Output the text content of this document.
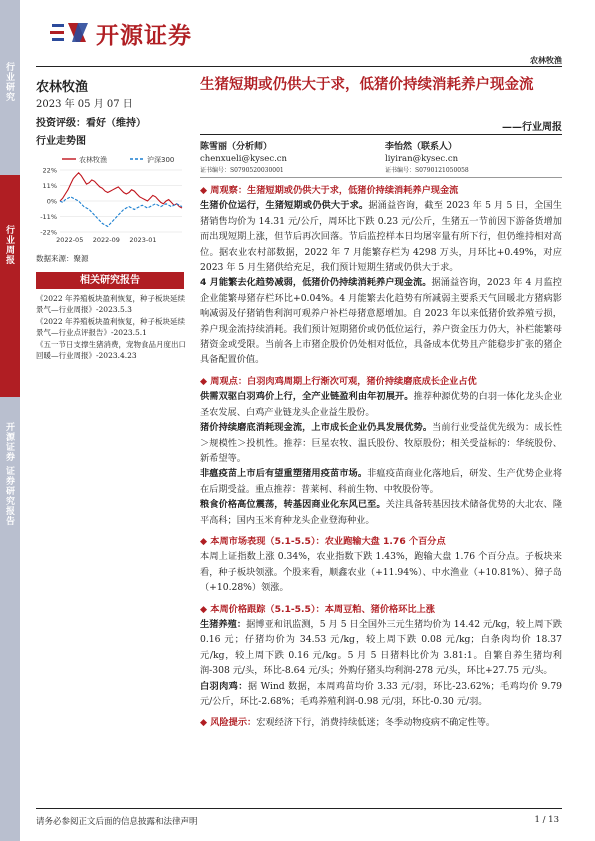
行业研究
行业周报
开源证券 证券研究报告
开源证券
农林牧渔
农林牧渔
2023 年 05 月 07 日
投资评级：看好（维持）
行业走势图
农林牧渔	沪深300
22%
11%
0%
-11%
-22%
2022-05 2022-09 2023-01
数据来源：聚源
相关研究报告
《2022 年养殖板块盈利恢复，种子板块延续景气—行业周报》-2023.5.3
《2022 年养殖板块盈利恢复，种子板块延续景气—行业点评报告》-2023.5.1
《五一节日支撑生猪消费，宠物食品月度出口回暖—行业周报》-2023.4.23
生猪短期或仍供大于求，低猪价持续消耗养户现金流
——行业周报
陈雪丽（分析师）
chenxueli@kysec.cn
证书编号：S0790520030001
李怡然（联系人）
liyiran@kysec.cn
证书编号：S0790121050058

◆ 周观察：生猪短期或仍供大于求，低猪价持续消耗养户现金流

生猪价位运行，生猪短期或仍供大于求。据涌益咨询，截至 2023 年 5 月 5 日，全国生猪销售均价为 14.31 元/公斤，周环比下跌 0.23 元/公斤，生猪五一节前因下游备货增加而出现短期上涨，但节后再次回落。节后监控样本日均屠宰量有所下行，但仍维持相对高位。据农业农村部数据，2022 年 7 月能繁存栏为 4298 万头，月环比+0.49%，对应 2023 年 5 月生猪供给充足，我们预计短期生猪或仍供大于求。

4 月能繁去化趋势减弱，低猪价仍持续消耗养户现金流。据涌益咨询，2023 年 4 月监控企业能繁母猪存栏环比+0.04%。4 月能繁去化趋势有所减弱主要系天气回暖北方猪病影响减弱及仔猪销售利润可观养户补栏母猪意愿增加。自 2023 年以来低猪价致养殖亏损，养户现金流持续消耗。我们预计短期猪价或仍低位运行，养户资金压力仍大，补栏能繁母猪资金或受限。当前各上市猪企股价仍处相对低位，具备成本优势且产能稳步扩张的猪企具备配置价值。

◆ 周观点：白羽肉鸡周期上行渐次可观，猪价持续磨底成长企业占优

供需双驱白羽鸡价上行，全产业链盈利由年初展开。推荐种源优势的白羽一体化龙头企业圣农发展、白鸡产业链龙头企业益生股份。

猪价持续磨底消耗现金流，上市成长企业仍具发展优势。当前行业受益优先级为：成长性＞规模性＞投机性。推荐：巨星农牧、温氏股份、牧原股份；相关受益标的：华统股份、新希望等。

非瘟疫苗上市后有望重塑猪用疫苗市场。非瘟疫苗商业化落地后，研发、生产优势企业将在后期受益。重点推荐：普莱柯、科前生物、中牧股份等。

粮食价格高位震荡，转基因商业化东风已至。关注具备转基因技术储备优势的大北农、隆平高科；国内玉米育种龙头企业登海种业。

◆ 本周市场表现（5.1-5.5）：农业跑输大盘 1.76 个百分点

本周上证指数上涨 0.34%，农业指数下跌 1.43%，跑输大盘 1.76 个百分点。子板块来看，种子板块领涨。个股来看，顺鑫农业（+11.94%）、中水渔业（+10.81%）、獐子岛（+10.28%）领涨。

◆ 本周价格跟踪（5.1-5.5）：本周豆粕、猪价格环比上涨

生猪养殖：据博亚和讯监测，5 月 5 日全国外三元生猪均价为 14.42 元/kg，较上周下跌 0.16 元；仔猪均价为 34.53 元/kg，较上周下跌 0.08 元/kg；白条肉均价 18.37 元/kg，较上周下跌 0.16 元/kg。5 月 5 日猪料比价为 3.81:1。自繁自养生猪均利润-308 元/头，环比-8.64 元/头；外购仔猪头均利润-278 元/头，环比+27.75 元/头。

白羽肉鸡：据 Wind 数据，本周鸡苗均价 3.33 元/羽，环比-23.62%；毛鸡均价 9.79 元/公斤，环比-2.68%；毛鸡养殖利润-0.98 元/羽，环比-0.30 元/羽。

◆ 风险提示：宏观经济下行，消费持续低迷；冬季动物疫病不确定性等。

请务必参阅正文后面的信息披露和法律声明	1 / 13
